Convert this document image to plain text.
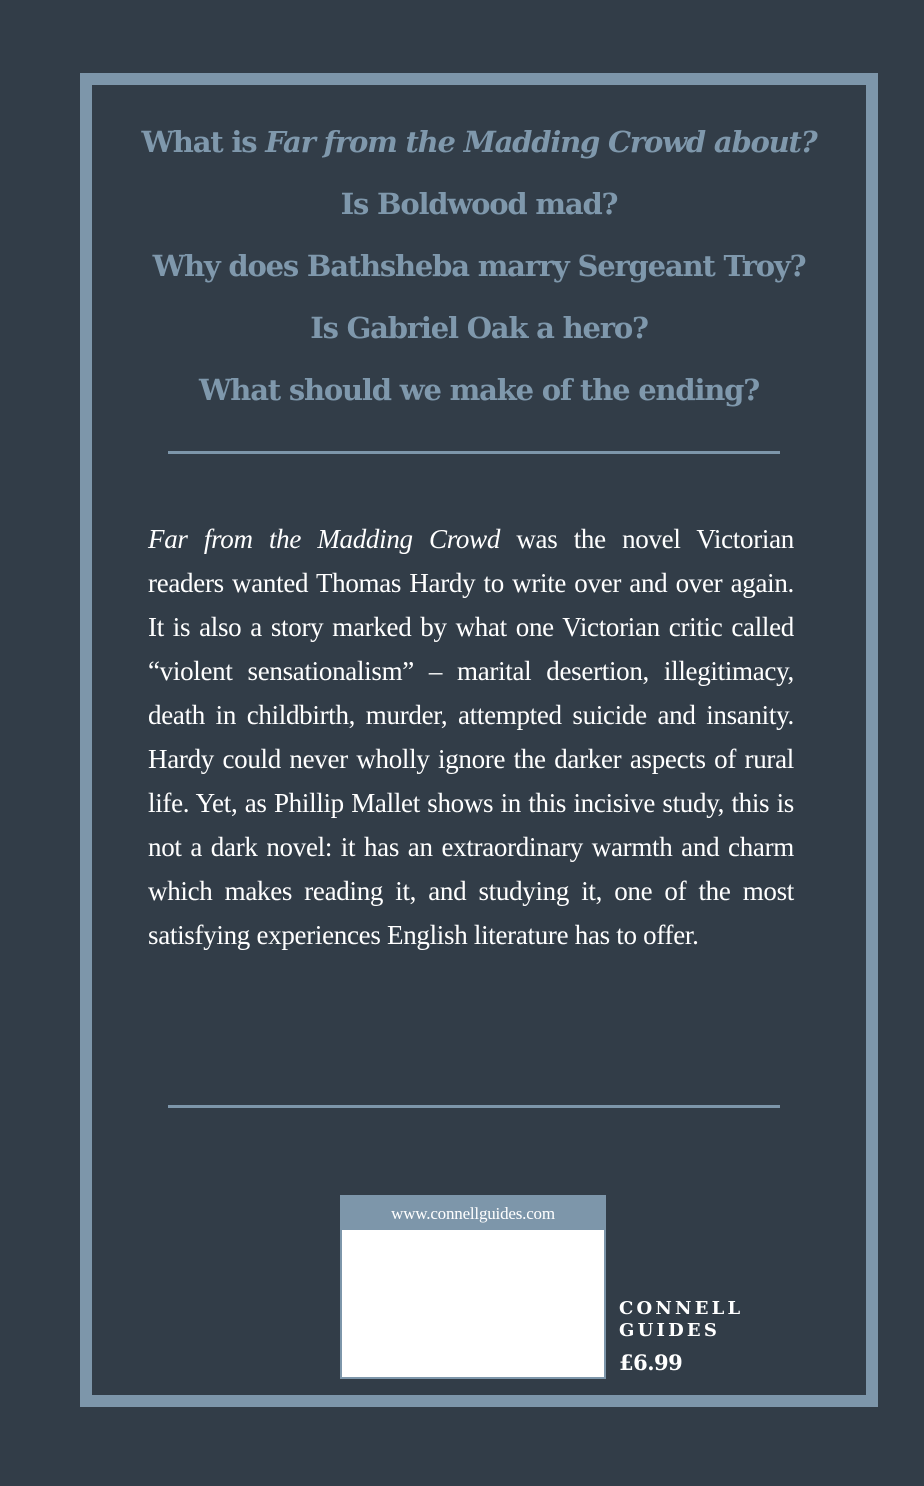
What is Far from the Madding Crowd about?
Is Boldwood mad?
Why does Bathsheba marry Sergeant Troy?
Is Gabriel Oak a hero?
What should we make of the ending?

Far from the Madding Crowd was the novel Victorian readers wanted Thomas Hardy to write over and over again. It is also a story marked by what one Victorian critic called “violent sensationalism” – marital desertion, illegitimacy, death in childbirth, murder, attempted suicide and insanity. Hardy could never wholly ignore the darker aspects of rural life. Yet, as Phillip Mallet shows in this incisive study, this is not a dark novel: it has an extraordinary warmth and charm which makes reading it, and studying it, one of the most satisfying experiences English literature has to offer.

www.connellguides.com
CONNELL
GUIDES
£6.99
